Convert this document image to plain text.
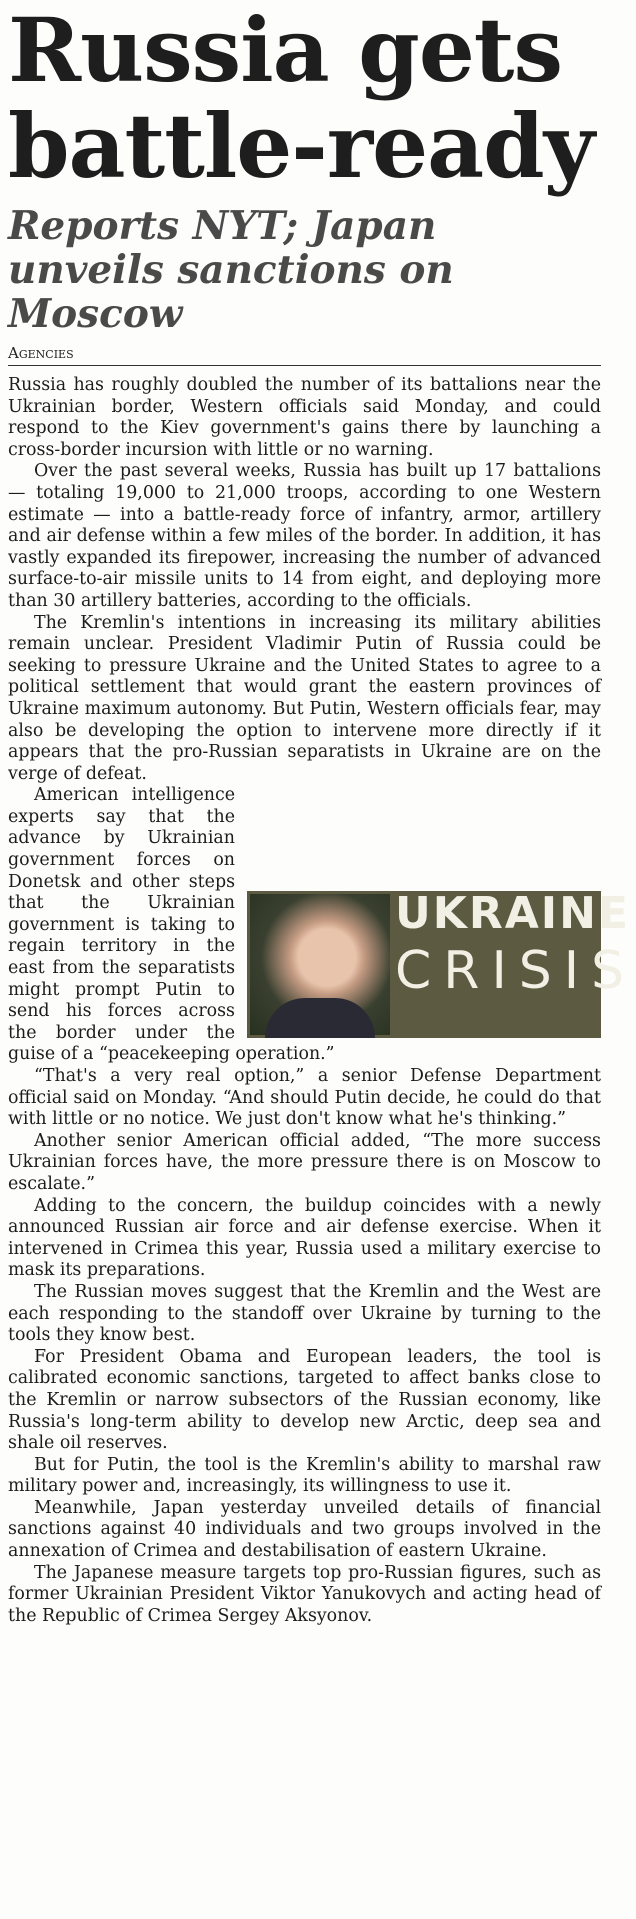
Russia gets battle-ready
Reports NYT; Japan unveils sanctions on Moscow
Agencies

Russia has roughly doubled the number of its battalions near the Ukrainian border, Western officials said Monday, and could respond to the Kiev government's gains there by launching a cross-border incursion with little or no warning.

Over the past several weeks, Russia has built up 17 battalions — totaling 19,000 to 21,000 troops, according to one Western estimate — into a battle-ready force of infantry, armor, artillery and air defense within a few miles of the border. In addition, it has vastly expanded its firepower, increasing the number of advanced surface-to-air missile units to 14 from eight, and deploying more than 30 artillery batteries, according to the officials.

The Kremlin's intentions in increasing its military abilities remain unclear. President Vladimir Putin of Russia could be seeking to pressure Ukraine and the United States to agree to a political settlement that would grant the eastern provinces of Ukraine maximum autonomy. But Putin, Western officials fear, may also be developing the option to intervene more directly if it appears that the pro-Russian separatists in Ukraine are on the verge of defeat.

UKRAINE
CRISIS

American intelligence experts say that the advance by Ukrainian government forces on Donetsk and other steps that the Ukrainian government is taking to regain territory in the east from the separatists might prompt Putin to send his forces across the border under the guise of a “peacekeeping operation.”

“That's a very real option,” a senior Defense Department official said on Monday. “And should Putin decide, he could do that with little or no notice. We just don't know what he's thinking.”

Another senior American official added, “The more success Ukrainian forces have, the more pressure there is on Moscow to escalate.”

Adding to the concern, the buildup coincides with a newly announced Russian air force and air defense exercise. When it intervened in Crimea this year, Russia used a military exercise to mask its preparations.

The Russian moves suggest that the Kremlin and the West are each responding to the standoff over Ukraine by turning to the tools they know best.

For President Obama and European leaders, the tool is calibrated economic sanctions, targeted to affect banks close to the Kremlin or narrow subsectors of the Russian economy, like Russia's long-term ability to develop new Arctic, deep sea and shale oil reserves.

But for Putin, the tool is the Kremlin's ability to marshal raw military power and, increasingly, its willingness to use it.

Meanwhile, Japan yesterday unveiled details of financial sanctions against 40 individuals and two groups involved in the annexation of Crimea and destabilisation of eastern Ukraine.

The Japanese measure targets top pro-Russian figures, such as former Ukrainian President Viktor Yanukovych and acting head of the Republic of Crimea Sergey Aksyonov.
